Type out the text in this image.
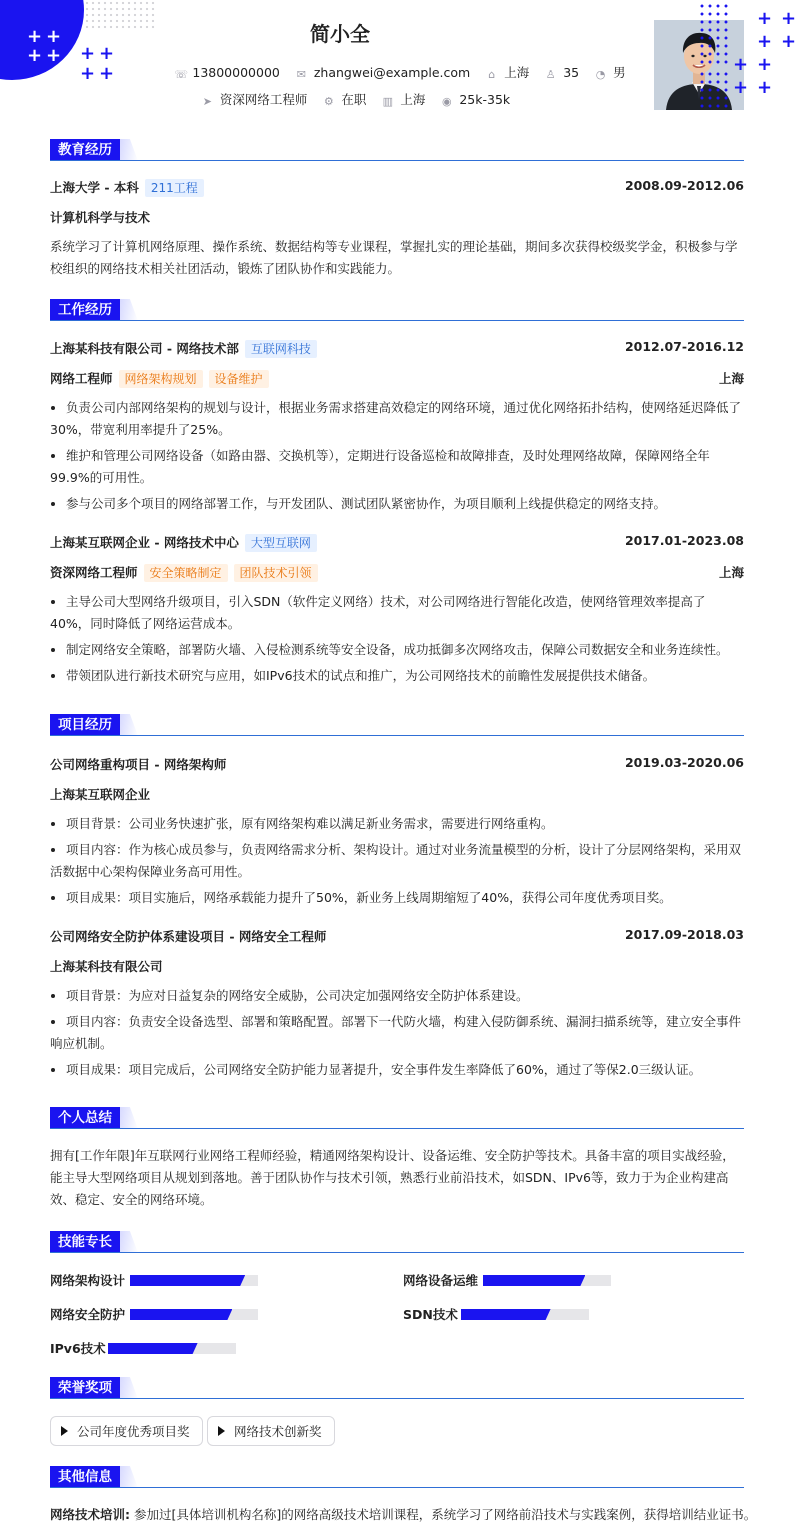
+ +
+ + + +
+ +
简小全
☏ 13800000000 ✉ zhangwei@example.com ⌂ 上海 ♙ 35 ◔ 男
➤ 资深网络工程师 ⚙ 在职 ▥ 上海 ◉ 25k-35k
+ +
+ +
+ +
+ +
教育经历
上海大学 - 本科 211工程	2008.09-2012.06
计算机科学与技术
系统学习了计算机网络原理、操作系统、数据结构等专业课程，掌握扎实的理论基础，期间多次获得校级奖学金，积极参与学校组织的网络技术相关社团活动，锻炼了团队协作和实践能力。
工作经历
上海某科技有限公司 - 网络技术部 互联网科技	2012.07-2016.12
网络工程师 网络架构规划 设备维护	上海
负责公司内部网络架构的规划与设计，根据业务需求搭建高效稳定的网络环境，通过优化网络拓扑结构，使网络延迟降低了30%，带宽利用率提升了25%。
维护和管理公司网络设备（如路由器、交换机等），定期进行设备巡检和故障排查，及时处理网络故障，保障网络全年99.9%的可用性。
参与公司多个项目的网络部署工作，与开发团队、测试团队紧密协作，为项目顺利上线提供稳定的网络支持。
上海某互联网企业 - 网络技术中心 大型互联网	2017.01-2023.08
资深网络工程师 安全策略制定 团队技术引领	上海
主导公司大型网络升级项目，引入SDN（软件定义网络）技术，对公司网络进行智能化改造，使网络管理效率提高了40%，同时降低了网络运营成本。
制定网络安全策略，部署防火墙、入侵检测系统等安全设备，成功抵御多次网络攻击，保障公司数据安全和业务连续性。
带领团队进行新技术研究与应用，如IPv6技术的试点和推广，为公司网络技术的前瞻性发展提供技术储备。
项目经历
公司网络重构项目 - 网络架构师	2019.03-2020.06
上海某互联网企业
项目背景：公司业务快速扩张，原有网络架构难以满足新业务需求，需要进行网络重构。
项目内容：作为核心成员参与，负责网络需求分析、架构设计。通过对业务流量模型的分析，设计了分层网络架构，采用双活数据中心架构保障业务高可用性。
项目成果：项目实施后，网络承载能力提升了50%，新业务上线周期缩短了40%，获得公司年度优秀项目奖。
公司网络安全防护体系建设项目 - 网络安全工程师	2017.09-2018.03
上海某科技有限公司
项目背景：为应对日益复杂的网络安全威胁，公司决定加强网络安全防护体系建设。
项目内容：负责安全设备选型、部署和策略配置。部署下一代防火墙，构建入侵防御系统、漏洞扫描系统等，建立安全事件响应机制。
项目成果：项目完成后，公司网络安全防护能力显著提升，安全事件发生率降低了60%，通过了等保2.0三级认证。
个人总结
拥有[工作年限]年互联网行业网络工程师经验，精通网络架构设计、设备运维、安全防护等技术。具备丰富的项目实战经验，能主导大型网络项目从规划到落地。善于团队协作与技术引领，熟悉行业前沿技术，如SDN、IPv6等，致力于为企业构建高效、稳定、安全的网络环境。
技能专长
网络架构设计	网络设备运维
网络安全防护	SDN技术
IPv6技术
荣誉奖项
公司年度优秀项目奖	网络技术创新奖
其他信息
网络技术培训: 参加过[具体培训机构名称]的网络高级技术培训课程，系统学习了网络前沿技术与实践案例，获得培训结业证书。
